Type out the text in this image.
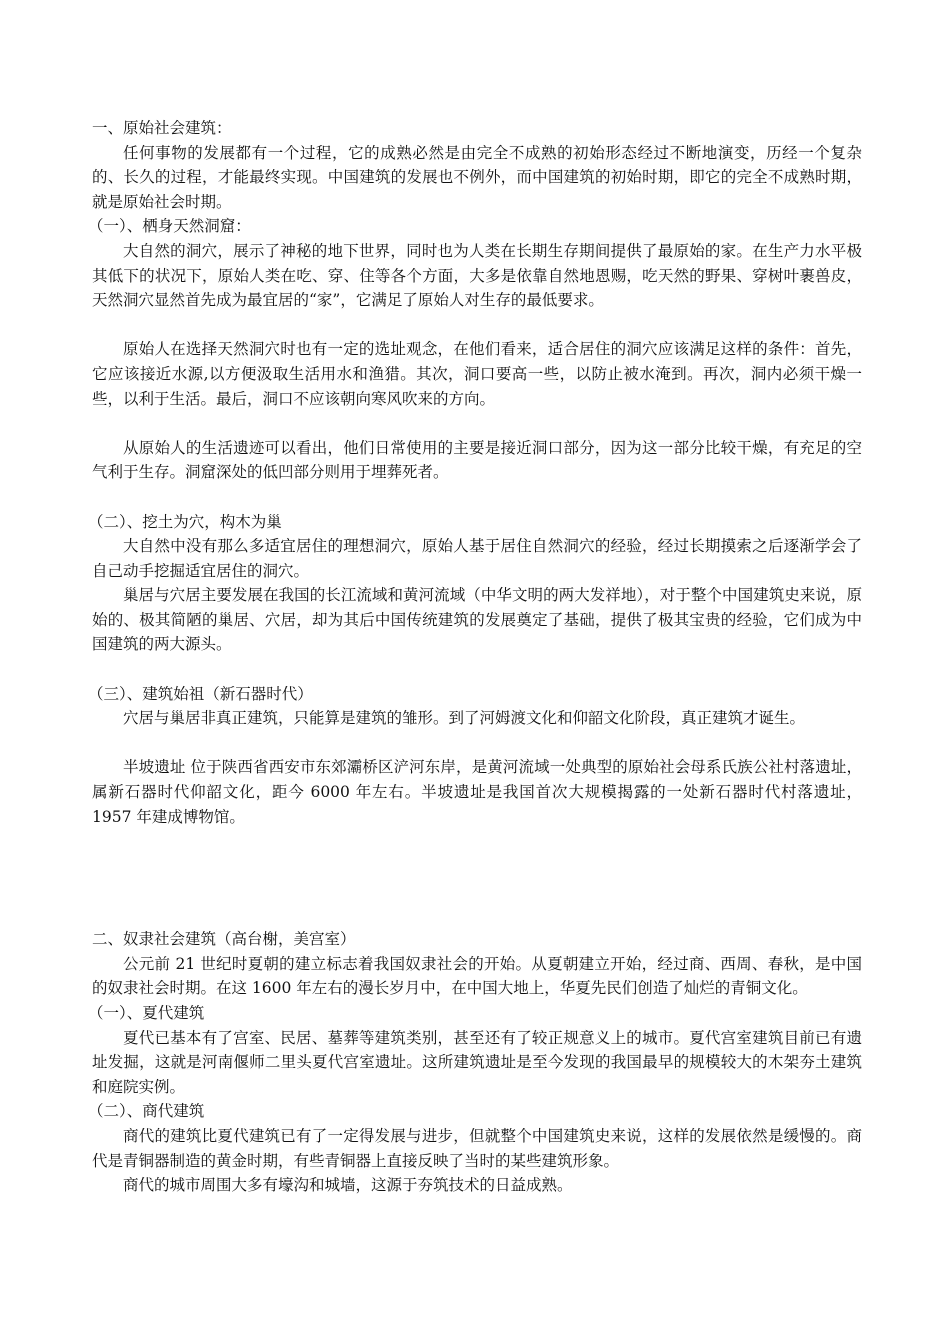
一、原始社会建筑：

任何事物的发展都有一个过程，它的成熟必然是由完全不成熟的初始形态经过不断地演变，历经一个复杂的、长久的过程，才能最终实现。中国建筑的发展也不例外，而中国建筑的初始时期，即它的完全不成熟时期，就是原始社会时期。

（一）、栖身天然洞窟：

大自然的洞穴，展示了神秘的地下世界，同时也为人类在长期生存期间提供了最原始的家。在生产力水平极其低下的状况下，原始人类在吃、穿、住等各个方面，大多是依靠自然地恩赐，吃天然的野果、穿树叶裹兽皮，天然洞穴显然首先成为最宜居的“家”，它满足了原始人对生存的最低要求。

原始人在选择天然洞穴时也有一定的选址观念，在他们看来，适合居住的洞穴应该满足这样的条件：首先，它应该接近水源,以方便汲取生活用水和渔猎。其次，洞口要高一些，以防止被水淹到。再次，洞内必须干燥一些，以利于生活。最后，洞口不应该朝向寒风吹来的方向。

从原始人的生活遗迹可以看出，他们日常使用的主要是接近洞口部分，因为这一部分比较干燥，有充足的空气利于生存。洞窟深处的低凹部分则用于埋葬死者。

（二）、挖土为穴，构木为巢

大自然中没有那么多适宜居住的理想洞穴，原始人基于居住自然洞穴的经验，经过长期摸索之后逐渐学会了自己动手挖掘适宜居住的洞穴。

巢居与穴居主要发展在我国的长江流域和黄河流域（中华文明的两大发祥地），对于整个中国建筑史来说，原始的、极其简陋的巢居、穴居，却为其后中国传统建筑的发展奠定了基础，提供了极其宝贵的经验，它们成为中国建筑的两大源头。

（三）、建筑始祖（新石器时代）

穴居与巢居非真正建筑，只能算是建筑的雏形。到了河姆渡文化和仰韶文化阶段，真正建筑才诞生。

半坡遗址 位于陕西省西安市东郊灞桥区浐河东岸，是黄河流域一处典型的原始社会母系氏族公社村落遗址，属新石器时代仰韶文化，距今 6000 年左右。半坡遗址是我国首次大规模揭露的一处新石器时代村落遗址，1957 年建成博物馆。

二、奴隶社会建筑（高台榭，美宫室）

公元前 21 世纪时夏朝的建立标志着我国奴隶社会的开始。从夏朝建立开始，经过商、西周、春秋，是中国的奴隶社会时期。在这 1600 年左右的漫长岁月中，在中国大地上，华夏先民们创造了灿烂的青铜文化。

（一）、夏代建筑

夏代已基本有了宫室、民居、墓葬等建筑类别，甚至还有了较正规意义上的城市。夏代宫室建筑目前已有遗址发掘，这就是河南偃师二里头夏代宫室遗址。这所建筑遗址是至今发现的我国最早的规模较大的木架夯土建筑和庭院实例。

（二）、商代建筑

商代的建筑比夏代建筑已有了一定得发展与进步，但就整个中国建筑史来说，这样的发展依然是缓慢的。商代是青铜器制造的黄金时期，有些青铜器上直接反映了当时的某些建筑形象。

商代的城市周围大多有壕沟和城墙，这源于夯筑技术的日益成熟。
